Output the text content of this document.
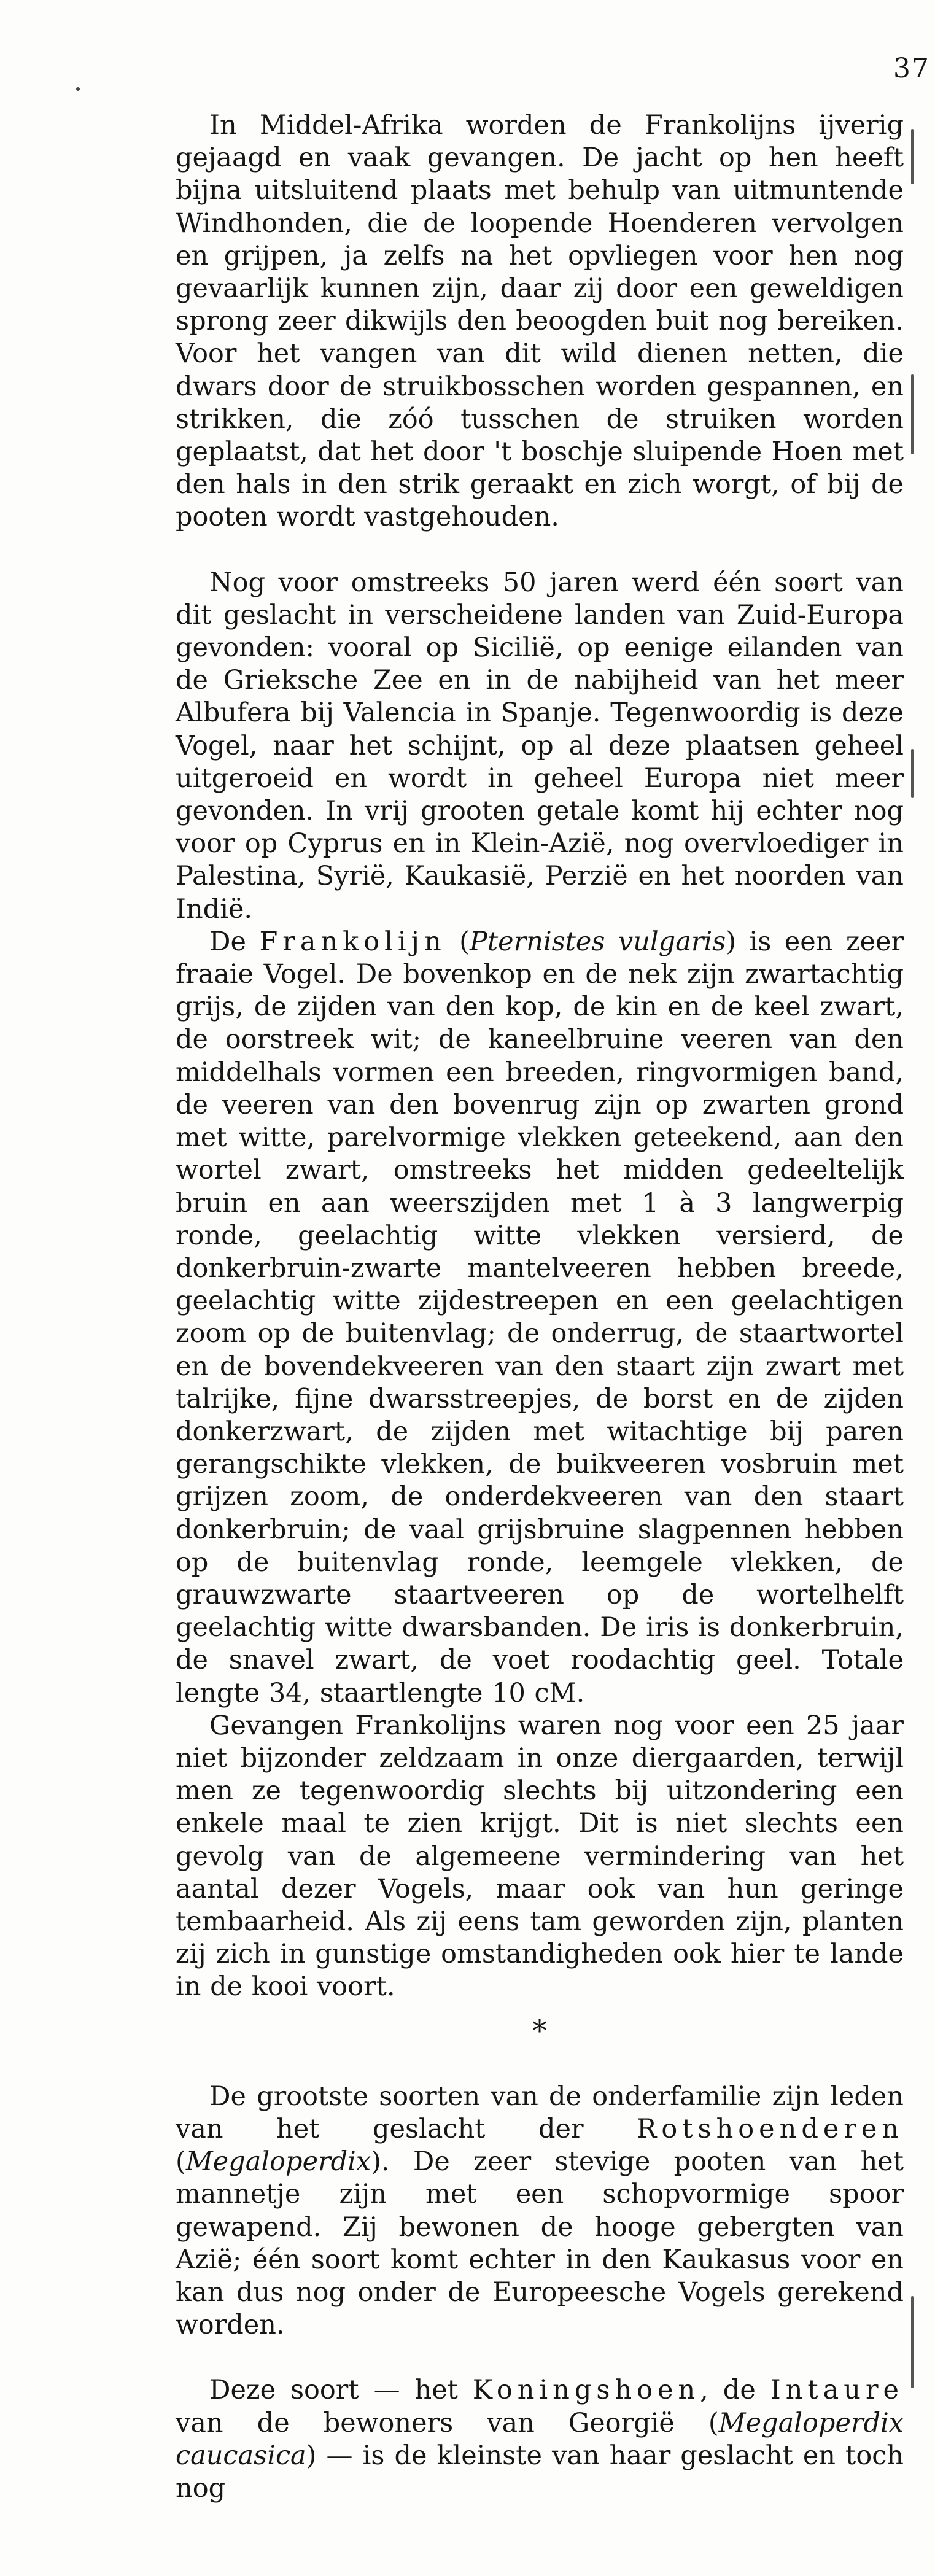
37

In Middel-Afrika worden de Frankolijns ijverig gejaagd en vaak gevangen. De jacht op hen heeft bijna uitsluitend plaats met behulp van uitmuntende Windhonden, die de loopende Hoenderen vervolgen en grijpen, ja zelfs na het opvliegen voor hen nog gevaarlijk kunnen zijn, daar zij door een geweldigen sprong zeer dikwijls den beoogden buit nog bereiken. Voor het vangen van dit wild dienen netten, die dwars door de struikbosschen worden gespannen, en strikken, die zóó tusschen de struiken worden geplaatst, dat het door 't boschje sluipende Hoen met den hals in den strik geraakt en zich worgt, of bij de pooten wordt vastgehouden.

Nog voor omstreeks 50 jaren werd één soort van dit geslacht in verscheidene landen van Zuid-Europa gevonden: vooral op Sicilië, op eenige eilanden van de Grieksche Zee en in de nabijheid van het meer Albufera bij Valencia in Spanje. Tegenwoordig is deze Vogel, naar het schijnt, op al deze plaatsen geheel uitgeroeid en wordt in geheel Europa niet meer gevonden. In vrij grooten getale komt hij echter nog voor op Cyprus en in Klein-Azië, nog overvloediger in Palestina, Syrië, Kaukasië, Perzië en het noorden van Indië.

De Frankolijn (Pternistes vulgaris) is een zeer fraaie Vogel. De bovenkop en de nek zijn zwartachtig grijs, de zijden van den kop, de kin en de keel zwart, de oorstreek wit; de kaneelbruine veeren van den middelhals vormen een breeden, ringvormigen band, de veeren van den bovenrug zijn op zwarten grond met witte, parelvormige vlekken geteekend, aan den wortel zwart, omstreeks het midden gedeeltelijk bruin en aan weerszijden met 1 à 3 langwerpig ronde, geelachtig witte vlekken versierd, de donkerbruin-zwarte mantelveeren hebben breede, geelachtig witte zijdestreepen en een geelachtigen zoom op de buitenvlag; de onderrug, de staartwortel en de bovendekveeren van den staart zijn zwart met talrijke, fijne dwarsstreepjes, de borst en de zijden donkerzwart, de zijden met witachtige bij paren gerangschikte vlekken, de buikveeren vosbruin met grijzen zoom, de onderdekveeren van den staart donkerbruin; de vaal grijsbruine slagpennen hebben op de buitenvlag ronde, leemgele vlekken, de grauwzwarte staartveeren op de wortelhelft geelachtig witte dwarsbanden. De iris is donkerbruin, de snavel zwart, de voet roodachtig geel. Totale lengte 34, staartlengte 10 cM.

Gevangen Frankolijns waren nog voor een 25 jaar niet bijzonder zeldzaam in onze diergaarden, terwijl men ze tegenwoordig slechts bij uitzondering een enkele maal te zien krijgt. Dit is niet slechts een gevolg van de algemeene vermindering van het aantal dezer Vogels, maar ook van hun geringe tembaarheid. Als zij eens tam geworden zijn, planten zij zich in gunstige omstandigheden ook hier te lande in de kooi voort.

*

De grootste soorten van de onderfamilie zijn leden van het geslacht der Rotshoenderen (Megaloperdix). De zeer stevige pooten van het mannetje zijn met een schopvormige spoor gewapend. Zij bewonen de hooge gebergten van Azië; één soort komt echter in den Kaukasus voor en kan dus nog onder de Europeesche Vogels gerekend worden.

Deze soort — het Koningshoen, de Intaure van de bewoners van Georgië (Megaloperdix caucasica) — is de kleinste van haar geslacht en toch nog
